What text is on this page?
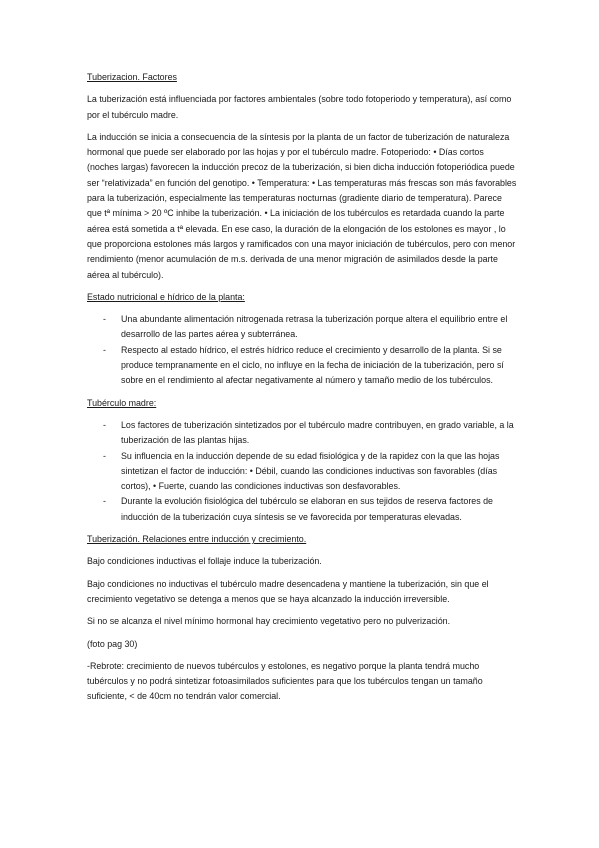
Tuberizacion. Factores

La tuberización está influenciada por factores ambientales (sobre todo fotoperiodo y temperatura), así como por el tubérculo madre.

La inducción se inicia a consecuencia de la síntesis por la planta de un factor de tuberización de naturaleza hormonal que puede ser elaborado por las hojas y por el tubérculo madre. Fotoperiodo: • Días cortos (noches largas) favorecen la inducción precoz de la tuberización, si bien dicha inducción fotoperiódica puede ser “relativizada” en función del genotipo. • Temperatura: • Las temperaturas más frescas son más favorables para la tuberización, especialmente las temperaturas nocturnas (gradiente diario de temperatura). Parece que tª mínima > 20 ºC inhibe la tuberización. • La iniciación de los tubérculos es retardada cuando la parte aérea está sometida a tª elevada. En ese caso, la duración de la elongación de los estolones es mayor , lo que proporciona estolones más largos y ramificados con una mayor iniciación de tubérculos, pero con menor rendimiento (menor acumulación de m.s. derivada de una menor migración de asimilados desde la parte aérea al tubérculo).

Estado nutricional e hídrico de la planta:
- Una abundante alimentación nitrogenada retrasa la tuberización porque altera el equilibrio entre el desarrollo de las partes aérea y subterránea.
- Respecto al estado hídrico, el estrés hídrico reduce el crecimiento y desarrollo de la planta. Si se produce tempranamente en el ciclo, no influye en la fecha de iniciación de la tuberización, pero sí sobre en el rendimiento al afectar negativamente al número y tamaño medio de los tubérculos.
Tubérculo madre:
- Los factores de tuberización sintetizados por el tubérculo madre contribuyen, en grado variable, a la tuberización de las plantas hijas.
- Su influencia en la inducción depende de su edad fisiológica y de la rapidez con la que las hojas sintetizan el factor de inducción: • Débil, cuando las condiciones inductivas son favorables (días cortos), • Fuerte, cuando las condiciones inductivas son desfavorables.
- Durante la evolución fisiológica del tubérculo se elaboran en sus tejidos de reserva factores de inducción de la tuberización cuya síntesis se ve favorecida por temperaturas elevadas.
Tuberización. Relaciones entre inducción y crecimiento.

Bajo condiciones inductivas el follaje induce la tuberización.

Bajo condiciones no inductivas el tubérculo madre desencadena y mantiene la tuberización, sin que el crecimiento vegetativo se detenga a menos que se haya alcanzado la inducción irreversible.

Si no se alcanza el nivel mínimo hormonal hay crecimiento vegetativo pero no pulverización.

(foto pag 30)

-Rebrote: crecimiento de nuevos tubérculos y estolones, es negativo porque la planta tendrá mucho tubérculos y no podrá sintetizar fotoasimilados suficientes para que los tubérculos tengan un tamaño suficiente, < de 40cm no tendrán valor comercial.
